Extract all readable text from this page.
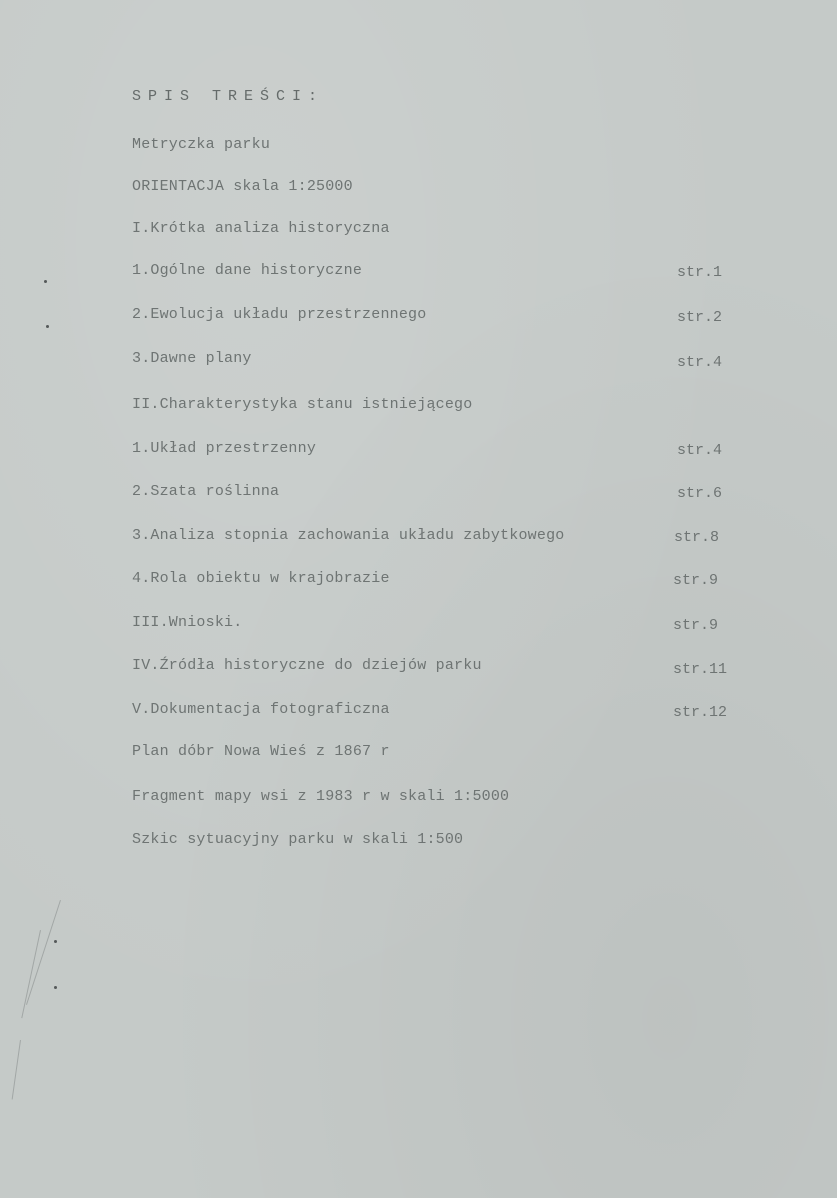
SPIS TREŚCI:
Metryczka parku
ORIENTACJA skala 1:25000
I.Krótka analiza historyczna
1.Ogólne dane historyczne	str.1
2.Ewolucja układu przestrzennego	str.2
3.Dawne plany	str.4
II.Charakterystyka stanu istniejącego
1.Układ przestrzenny	str.4
2.Szata roślinna	str.6
3.Analiza stopnia zachowania układu zabytkowego	str.8
4.Rola obiektu w krajobrazie	str.9
III.Wnioski.	str.9
IV.Źródła historyczne do dziejów parku	str.11
V.Dokumentacja fotograficzna	str.12
Plan dóbr Nowa Wieś z 1867 r
Fragment mapy wsi z 1983 r w skali 1:5000
Szkic sytuacyjny parku w skali 1:500
